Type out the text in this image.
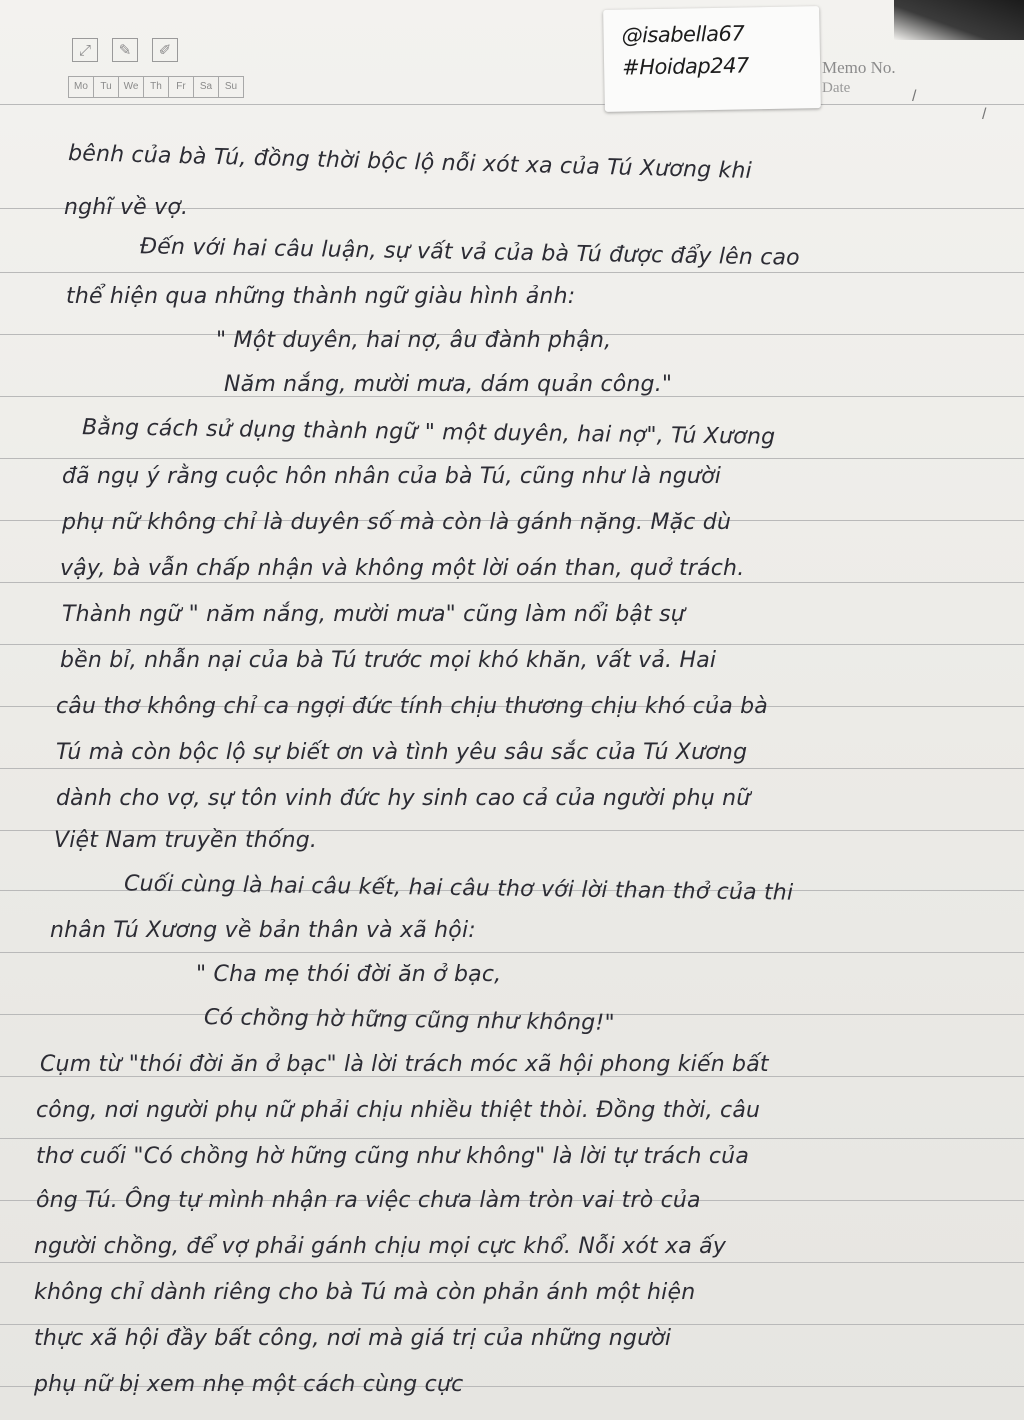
⤢	✎	✐
Mo	Tu	We	Th	Fr	Sa	Su
Memo No.
Date	/
/
@isabella67
#Hoidap247
bênh của bà Tú, đồng thời bộc lộ nỗi xót xa của Tú Xương khi
nghĩ về vợ.
Đến với hai câu luận, sự vất vả của bà Tú được đẩy lên cao
thể hiện qua những thành ngữ giàu hình ảnh:
" Một duyên, hai nợ, âu đành phận,
Năm nắng, mười mưa, dám quản công."
Bằng cách sử dụng thành ngữ " một duyên, hai nợ", Tú Xương
đã ngụ ý rằng cuộc hôn nhân của bà Tú, cũng như là người
phụ nữ không chỉ là duyên số mà còn là gánh nặng. Mặc dù
vậy, bà vẫn chấp nhận và không một lời oán than, quở trách.
Thành ngữ " năm nắng, mười mưa" cũng làm nổi bật sự
bền bỉ, nhẫn nại của bà Tú trước mọi khó khăn, vất vả. Hai
câu thơ không chỉ ca ngợi đức tính chịu thương chịu khó của bà
Tú mà còn bộc lộ sự biết ơn và tình yêu sâu sắc của Tú Xương
dành cho vợ, sự tôn vinh đức hy sinh cao cả của người phụ nữ
Việt Nam truyền thống.
Cuối cùng là hai câu kết, hai câu thơ với lời than thở của thi
nhân Tú Xương về bản thân và xã hội:
" Cha mẹ thói đời ăn ở bạc,
Có chồng hờ hững cũng như không!"
Cụm từ "thói đời ăn ở bạc" là lời trách móc xã hội phong kiến bất
công, nơi người phụ nữ phải chịu nhiều thiệt thòi. Đồng thời, câu
thơ cuối "Có chồng hờ hững cũng như không" là lời tự trách của
ông Tú. Ông tự mình nhận ra việc chưa làm tròn vai trò của
người chồng, để vợ phải gánh chịu mọi cực khổ. Nỗi xót xa ấy
không chỉ dành riêng cho bà Tú mà còn phản ánh một hiện
thực xã hội đầy bất công, nơi mà giá trị của những người
phụ nữ bị xem nhẹ một cách cùng cực
